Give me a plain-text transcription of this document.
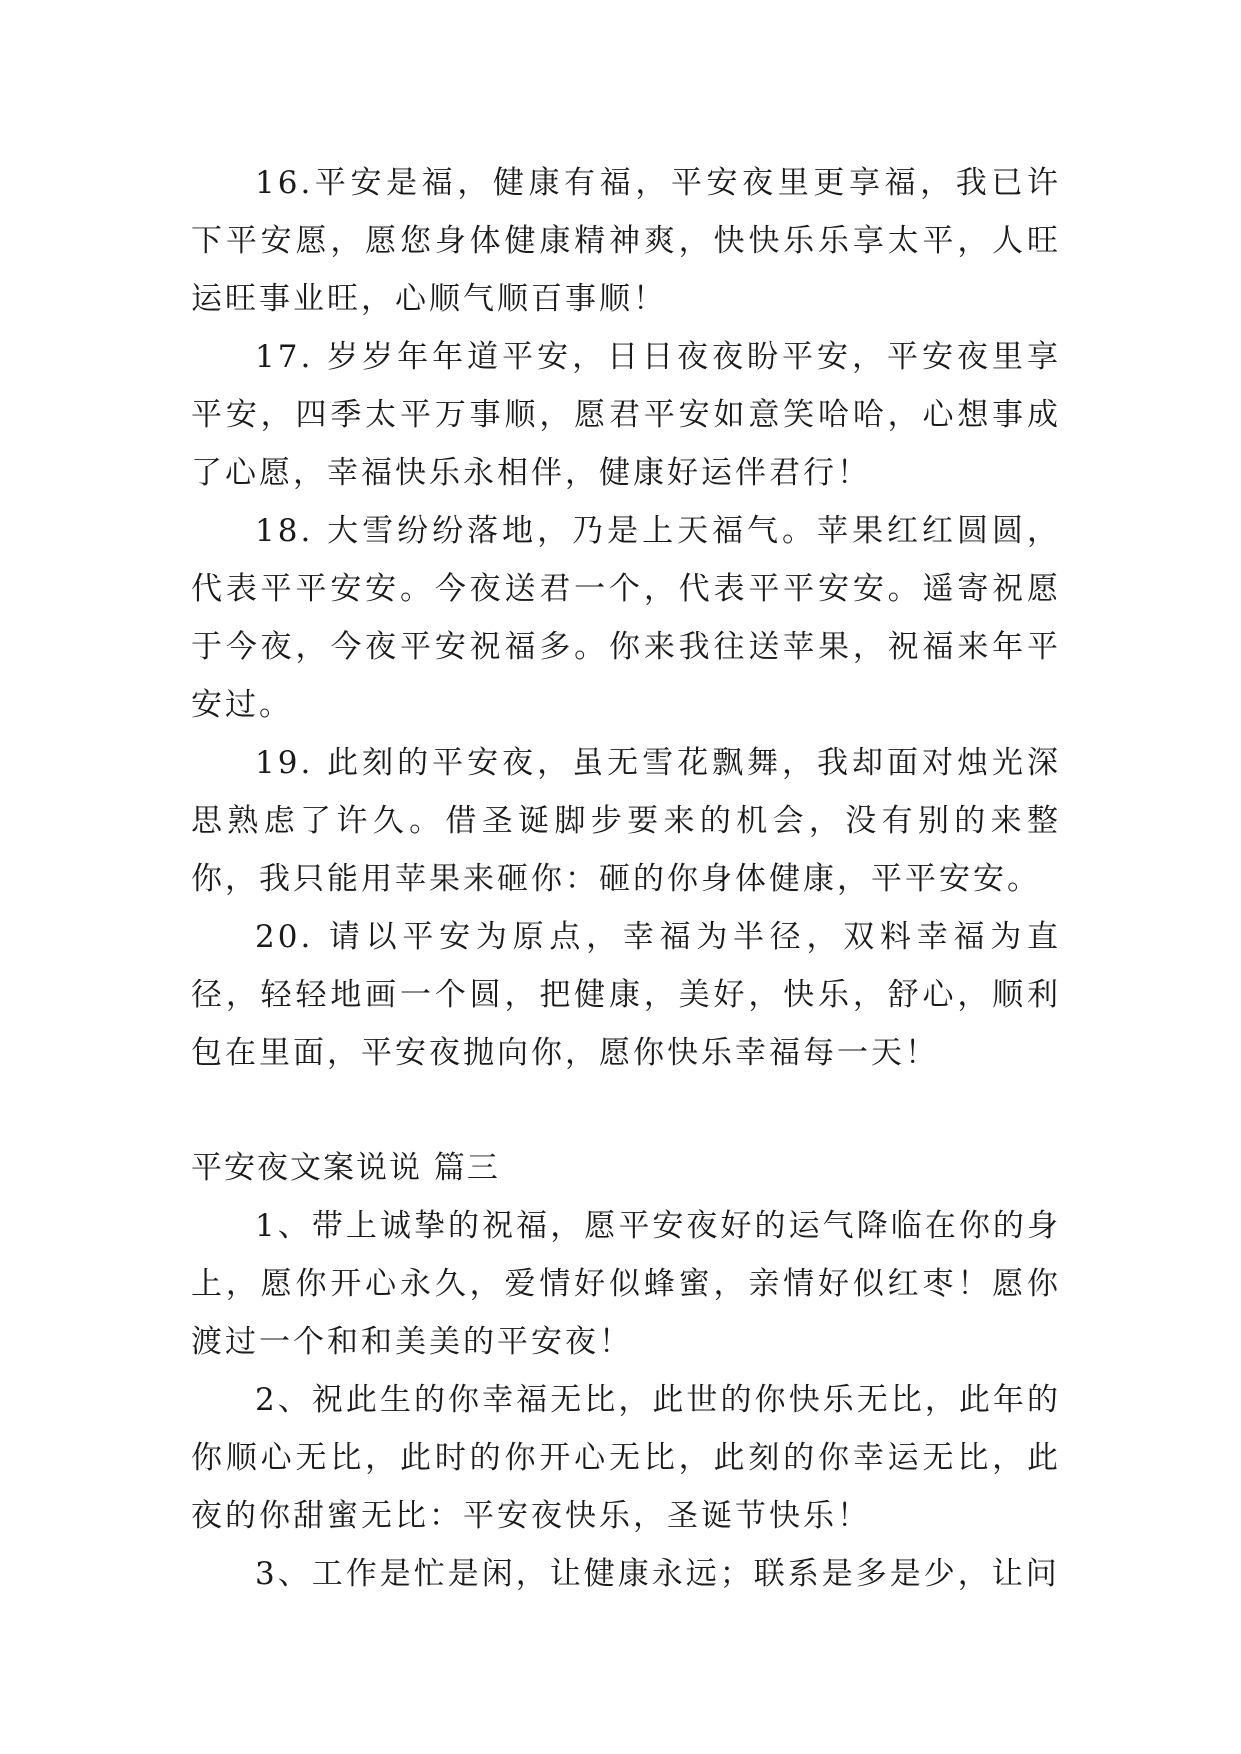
16.平安是福，健康有福，平安夜里更享福，我已许下平安愿，愿您身体健康精神爽，快快乐乐享太平，人旺运旺事业旺，心顺气顺百事顺！

17. 岁岁年年道平安，日日夜夜盼平安，平安夜里享平安，四季太平万事顺，愿君平安如意笑哈哈，心想事成了心愿，幸福快乐永相伴，健康好运伴君行！

18. 大雪纷纷落地，乃是上天福气。苹果红红圆圆，代表平平安安。今夜送君一个，代表平平安安。遥寄祝愿于今夜，今夜平安祝福多。你来我往送苹果，祝福来年平安过。

19. 此刻的平安夜，虽无雪花飘舞，我却面对烛光深思熟虑了许久。借圣诞脚步要来的机会，没有别的来整你，我只能用苹果来砸你：砸的你身体健康，平平安安。

20. 请以平安为原点，幸福为半径，双料幸福为直径，轻轻地画一个圆，把健康，美好，快乐，舒心，顺利包在里面，平安夜抛向你，愿你快乐幸福每一天！

平安夜文案说说 篇三

1、带上诚挚的祝福，愿平安夜好的运气降临在你的身上，愿你开心永久，爱情好似蜂蜜，亲情好似红枣！愿你渡过一个和和美美的平安夜！

2、祝此生的你幸福无比，此世的你快乐无比，此年的你顺心无比，此时的你开心无比，此刻的你幸运无比，此夜的你甜蜜无比：平安夜快乐，圣诞节快乐！

3、工作是忙是闲，让健康永远；联系是多是少，让问
